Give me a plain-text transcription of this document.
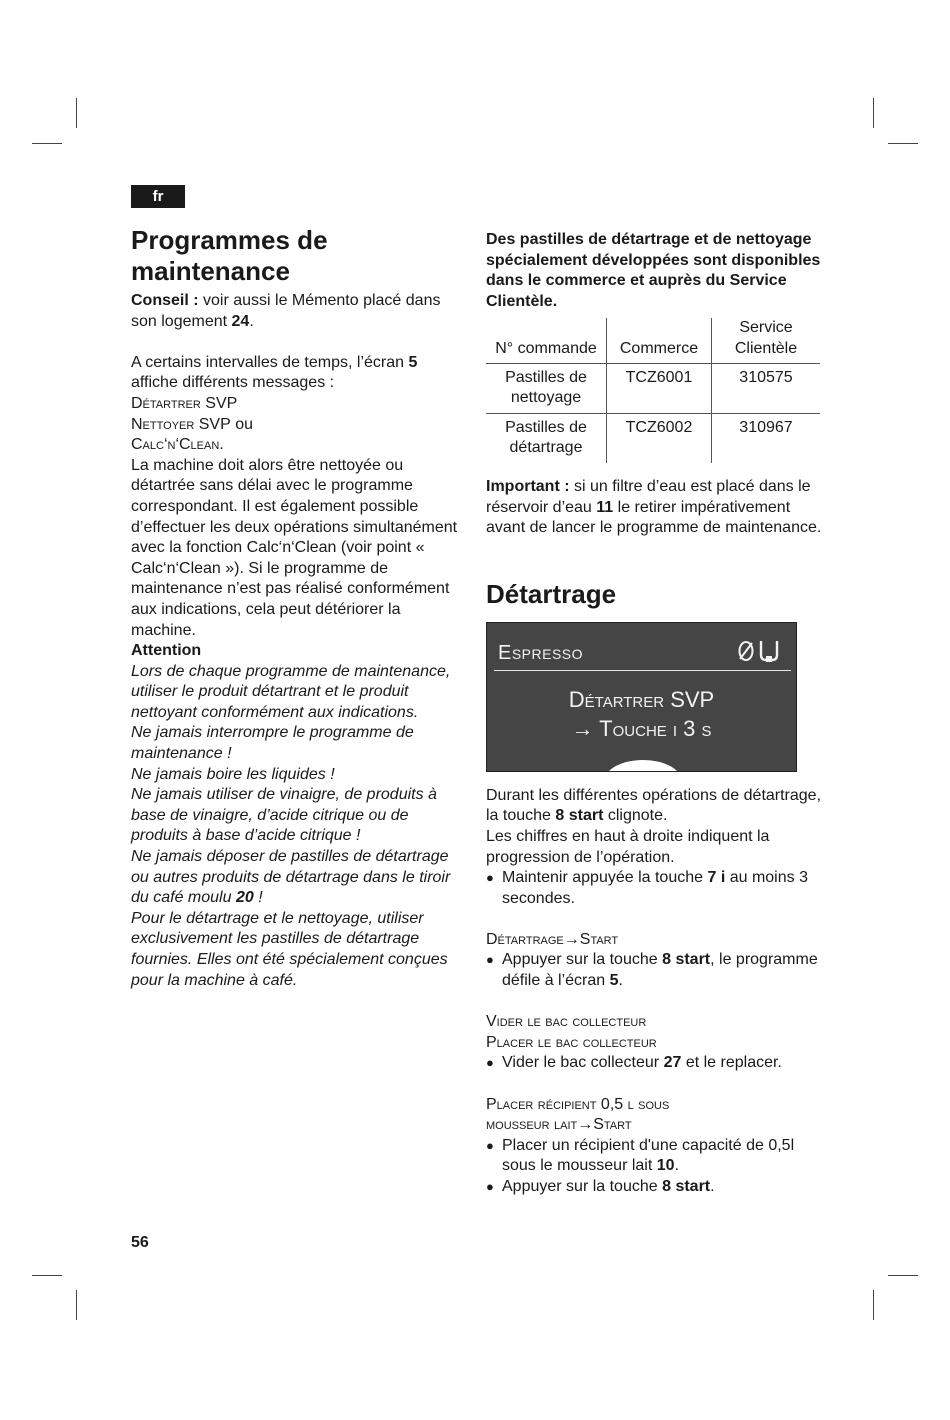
fr
Programmes de maintenance

Conseil : voir aussi le Mémento placé dans son logement 24.

A certains intervalles de temps, l’écran 5 affiche différents messages :

Détartrer SVP

Nettoyer SVP ou

Calc‘n‘Clean.

La machine doit alors être nettoyée ou détartrée sans délai avec le programme correspondant. Il est également possible d’effectuer les deux opérations simultanément avec la fonction Calc‘n‘Clean (voir point « Calc‘n‘Clean »). Si le programme de maintenance n’est pas réalisé conformément aux indications, cela peut détériorer la machine.

Attention

Lors de chaque programme de maintenance, utiliser le produit détartrant et le produit nettoyant conformément aux indications.

Ne jamais interrompre le programme de maintenance !

Ne jamais boire les liquides !

Ne jamais utiliser de vinaigre, de produits à base de vinaigre, d’acide citrique ou de produits à base d’acide citrique !

Ne jamais déposer de pastilles de détartrage ou autres produits de détartrage dans le tiroir du café moulu 20 !

Pour le détartrage et le nettoyage, utiliser exclusivement les pastilles de détartrage fournies. Elles ont été spécialement conçues pour la machine à café.

Des pastilles de détartrage et de nettoyage spécialement développées sont disponibles dans le commerce et auprès du Service Clientèle.

N° commande	Commerce	Service Clientèle
Pastilles de nettoyage	TCZ6001	310575
Pastilles de détartrage	TCZ6002	310967

Important : si un filtre d’eau est placé dans le réservoir d’eau 11 le retirer impérativement avant de lancer le programme de maintenance.

Détartrage
Espresso
Détartrer SVP
→ Touche i 3 s

Durant les différentes opérations de détartrage, la touche 8 start clignote.

Les chiffres en haut à droite indiquent la progression de l’opération.

● Maintenir appuyée la touche 7 i au moins 3 secondes.

Détartrage→Start

● Appuyer sur la touche 8 start, le programme défile à l’écran 5.

Vider le bac collecteur

Placer le bac collecteur

● Vider le bac collecteur 27 et le replacer.

Placer récipient 0,5 l sous

mousseur lait→Start

● Placer un récipient d'une capacité de 0,5l sous le mousseur lait 10.

● Appuyer sur la touche 8 start.

56
